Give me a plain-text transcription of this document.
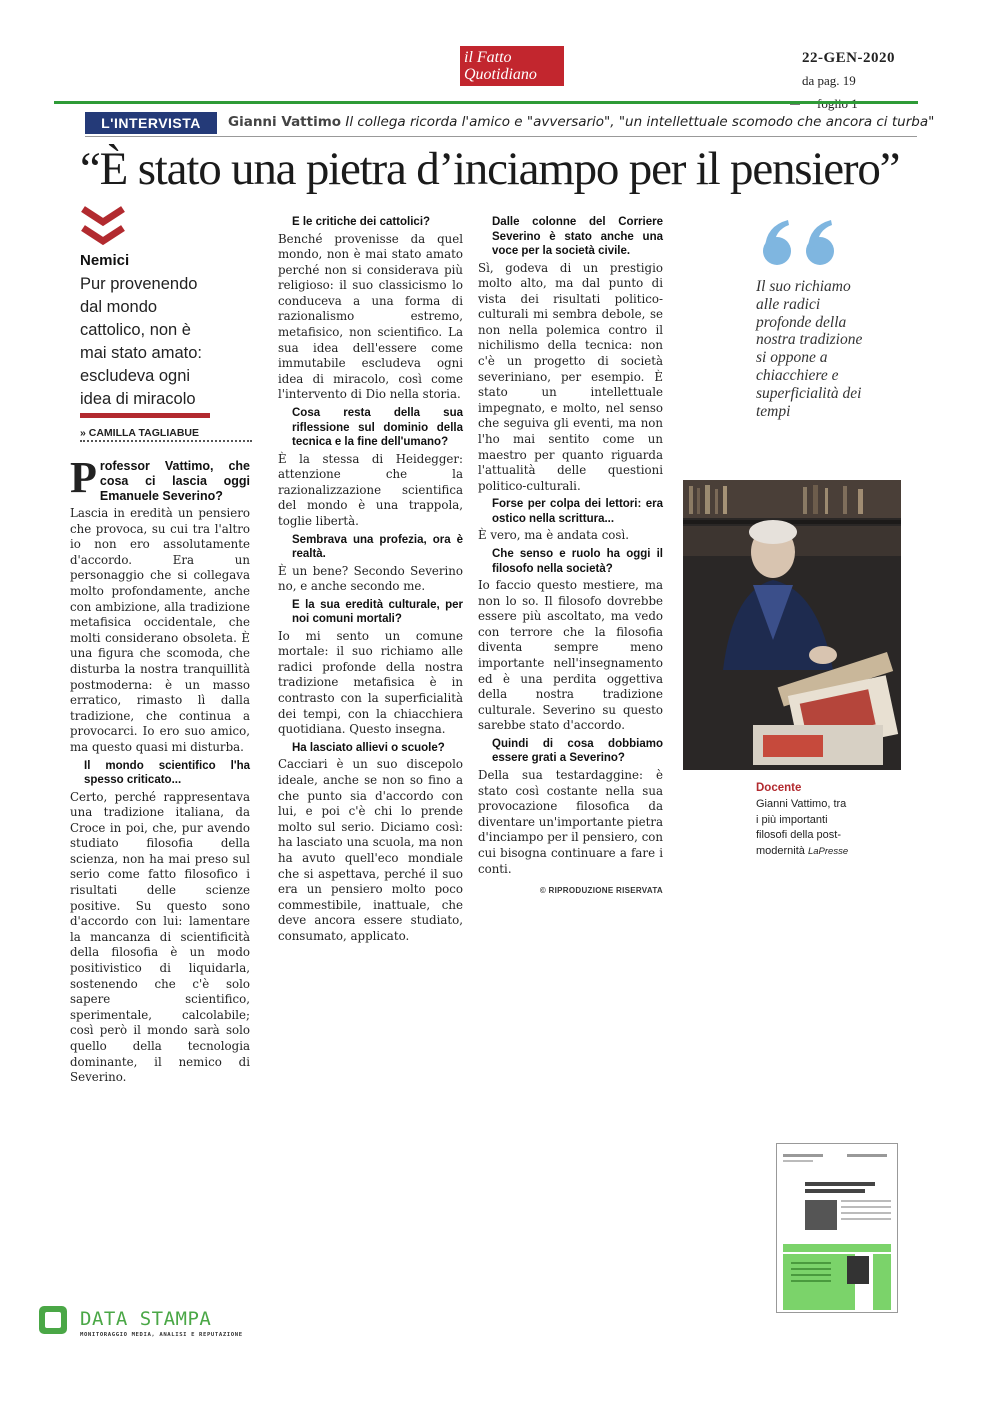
il Fatto
Quotidiano
22-GEN-2020
da pag. 19
L'INTERVISTA	Gianni Vattimo Il collega ricorda l'amico e "avversario", "un intellettuale scomodo che ancora ci turba"
“È stato una pietra d’inciampo per il pensiero”
Nemici
Pur provenendo dal mondo cattolico, non è mai stato amato: escludeva ogni idea di miracolo
» CAMILLA TAGLIABUE
Professor Vattimo, che cosa ci lascia oggi Emanuele Severino?

Lascia in eredità un pensiero che provoca, su cui tra l'altro io non ero assolutamente d'accordo. Era un personaggio che si collegava molto profondamente, anche con ambizione, alla tradizione metafisica occidentale, che molti considerano obsoleta. È una figura che scomoda, che disturba la nostra tranquillità postmoderna: è un masso erratico, rimasto lì dalla tradizione, che continua a provocarci. Io ero suo amico, ma questo quasi mi disturba.

Il mondo scientifico l'ha spesso criticato...

Certo, perché rappresentava una tradizione italiana, da Croce in poi, che, pur avendo studiato filosofia della scienza, non ha mai preso sul serio come fatto filosofico i risultati delle scienze positive. Su questo sono d'accordo con lui: lamentare la mancanza di scientificità della filosofia è un modo positivistico di liquidarla, sostenendo che c'è solo sapere scientifico, sperimentale, calcolabile; così però il mondo sarà solo quello della tecnologia dominante, il nemico di Severino.

E le critiche dei cattolici?

Benché provenisse da quel mondo, non è mai stato amato perché non si considerava più religioso: il suo classicismo lo conduceva a una forma di razionalismo estremo, metafisico, non scientifico. La sua idea dell'essere come immutabile escludeva ogni idea di miracolo, così come l'intervento di Dio nella storia.

Cosa resta della sua riflessione sul dominio della tecnica e la fine dell'umano?

È la stessa di Heidegger: attenzione che la razionalizzazione scientifica del mondo è una trappola, toglie libertà.

Sembrava una profezia, ora è realtà.

È un bene? Secondo Severino no, e anche secondo me.

E la sua eredità culturale, per noi comuni mortali?

Io mi sento un comune mortale: il suo richiamo alle radici profonde della nostra tradizione metafisica è in contrasto con la superficialità dei tempi, con la chiacchiera quotidiana. Questo insegna.

Ha lasciato allievi o scuole?

Cacciari è un suo discepolo ideale, anche se non so fino a che punto sia d'accordo con lui, e poi c'è chi lo prende molto sul serio. Diciamo così: ha lasciato una scuola, ma non ha avuto quell'eco mondiale che si aspettava, perché il suo era un pensiero molto poco commestibile, inattuale, che deve ancora essere studiato, consumato, applicato.

Dalle colonne del Corriere Severino è stato anche una voce per la società civile.

Sì, godeva di un prestigio molto alto, ma dal punto di vista dei risultati politico-culturali mi sembra debole, se non nella polemica contro il nichilismo della tecnica: non c'è un progetto di società severiniano, per esempio. È stato un intellettuale impegnato, e molto, nel senso che seguiva gli eventi, ma non l'ho mai sentito come un maestro per quanto riguarda l'attualità delle questioni politico-culturali.

Forse per colpa dei lettori: era ostico nella scrittura...

È vero, ma è andata così.

Che senso e ruolo ha oggi il filosofo nella società?

Io faccio questo mestiere, ma non lo so. Il filosofo dovrebbe essere più ascoltato, ma vedo con terrore che la filosofia diventa sempre meno importante nell'insegnamento ed è una perdita oggettiva della nostra tradizione culturale. Severino su questo sarebbe stato d'accordo.

Quindi di cosa dobbiamo essere grati a Severino?

Della sua testardaggine: è stato così costante nella sua provocazione filosofica da diventare un'importante pietra d'inciampo per il pensiero, con cui bisogna continuare a fare i conti.

© RIPRODUZIONE RISERVATA
Il suo richiamo alle radici profonde della nostra tradizione si oppone a chiacchiere e superficialità dei tempi
Docente
Gianni Vattimo, tra i più importanti filosofi della post-modernità LaPresse
DATA STAMPA
MONITORAGGIO MEDIA, ANALISI E REPUTAZIONE
